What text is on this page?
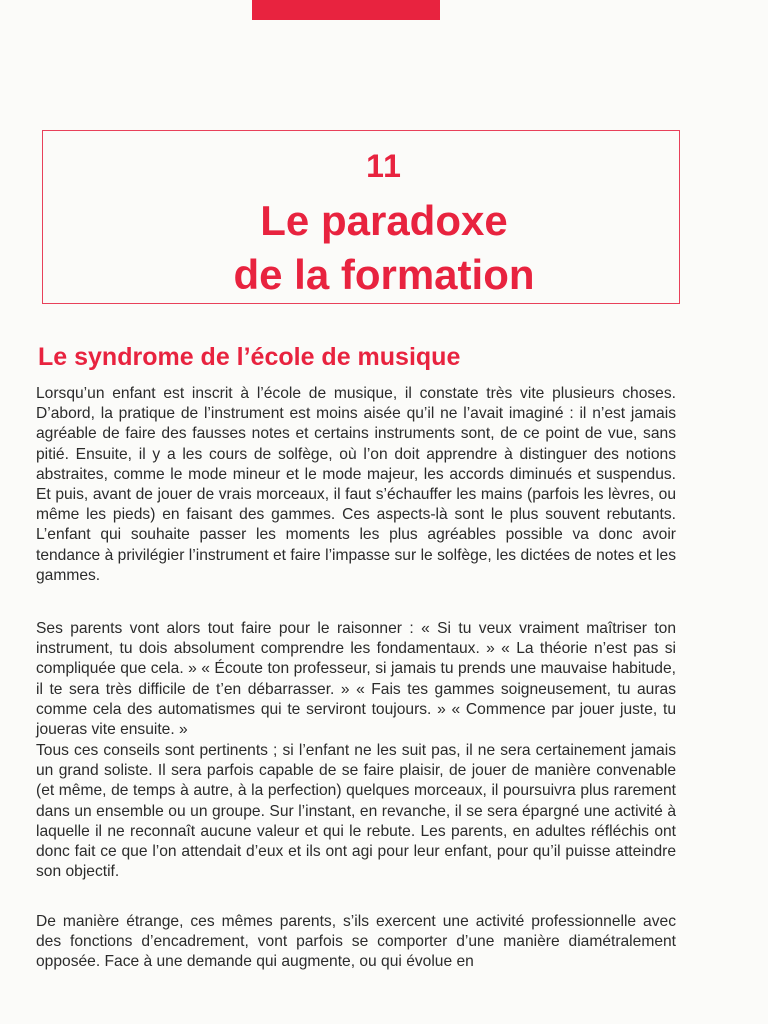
11
Le paradoxe
de la formation
Le syndrome de l’école de musique

Lorsqu’un enfant est inscrit à l’école de musique, il constate très vite plusieurs choses. D’abord, la pratique de l’instrument est moins aisée qu’il ne l’avait imaginé : il n’est jamais agréable de faire des fausses notes et certains instruments sont, de ce point de vue, sans pitié. Ensuite, il y a les cours de solfège, où l’on doit apprendre à distinguer des notions abstraites, comme le mode mineur et le mode majeur, les accords diminués et suspendus. Et puis, avant de jouer de vrais morceaux, il faut s’échauffer les mains (parfois les lèvres, ou même les pieds) en faisant des gammes. Ces aspects-là sont le plus souvent rebutants. L’enfant qui souhaite passer les moments les plus agréables possible va donc avoir tendance à privilégier l’instrument et faire l’impasse sur le solfège, les dictées de notes et les gammes.

Ses parents vont alors tout faire pour le raisonner : « Si tu veux vraiment maîtriser ton instrument, tu dois absolument comprendre les fondamentaux. » « La théorie n’est pas si compliquée que cela. » « Écoute ton professeur, si jamais tu prends une mauvaise habitude, il te sera très difficile de t’en débarrasser. » « Fais tes gammes soigneusement, tu auras comme cela des automatismes qui te serviront toujours. » « Commence par jouer juste, tu joueras vite ensuite. »

Tous ces conseils sont pertinents ; si l’enfant ne les suit pas, il ne sera certainement jamais un grand soliste. Il sera parfois capable de se faire plaisir, de jouer de manière convenable (et même, de temps à autre, à la perfection) quelques morceaux, il poursuivra plus rarement dans un ensemble ou un groupe. Sur l’instant, en revanche, il se sera épargné une activité à laquelle il ne reconnaît aucune valeur et qui le rebute. Les parents, en adultes réfléchis ont donc fait ce que l’on attendait d’eux et ils ont agi pour leur enfant, pour qu’il puisse atteindre son objectif.

De manière étrange, ces mêmes parents, s’ils exercent une activité professionnelle avec des fonctions d’encadrement, vont parfois se comporter d’une manière diamétralement opposée. Face à une demande qui augmente, ou qui évolue en
